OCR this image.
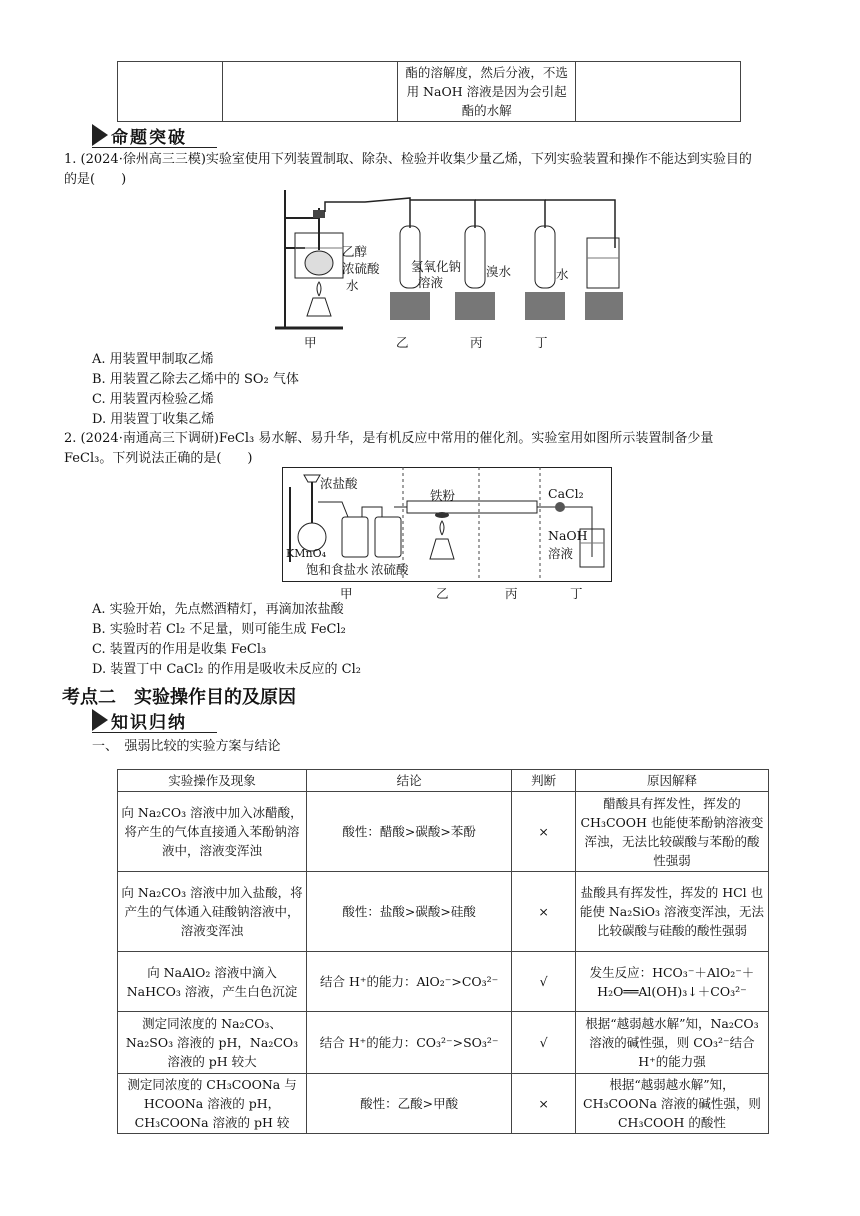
		酯的溶解度，然后分液，不选用 NaOH 溶液是因为会引起酯的水解	
命题突破
1. (2024·徐州高三三模)实验室使用下列装置制取、除杂、检验并收集少量乙烯，下列实验装置和操作不能达到实验目的的是(　　)
乙醇
浓硫酸
水
氢氧化钠
溶液
溴水	水
甲	乙	丙	丁
A. 用装置甲制取乙烯
B. 用装置乙除去乙烯中的 SO₂ 气体
C. 用装置丙检验乙烯
D. 用装置丁收集乙烯
2. (2024·南通高三下调研)FeCl₃ 易水解、易升华，是有机反应中常用的催化剂。实验室用如图所示装置制备少量 FeCl₃。下列说法正确的是(　　)
浓盐酸
铁粉	CaCl₂
KMnO₄
NaOH
溶液
饱和食盐水 浓硫酸
甲	乙	丙	丁
A. 实验开始，先点燃酒精灯，再滴加浓盐酸
B. 实验时若 Cl₂ 不足量，则可能生成 FeCl₂
C. 装置丙的作用是收集 FeCl₃
D. 装置丁中 CaCl₂ 的作用是吸收未反应的 Cl₂
考点二　实验操作目的及原因
知识归纳
一、　强弱比较的实验方案与结论
实验操作及现象	结论	判断	原因解释
向 Na₂CO₃ 溶液中加入冰醋酸，将产生的气体直接通入苯酚钠溶液中，溶液变浑浊	酸性：醋酸>碳酸>苯酚	×	醋酸具有挥发性，挥发的 CH₃COOH 也能使苯酚钠溶液变浑浊，无法比较碳酸与苯酚的酸性强弱
向 Na₂CO₃ 溶液中加入盐酸，将产生的气体通入硅酸钠溶液中，溶液变浑浊	酸性：盐酸>碳酸>硅酸	×	盐酸具有挥发性，挥发的 HCl 也能使 Na₂SiO₃ 溶液变浑浊，无法比较碳酸与硅酸的酸性强弱
向 NaAlO₂ 溶液中滴入 NaHCO₃ 溶液，产生白色沉淀	结合 H⁺的能力：AlO₂⁻>CO₃²⁻	√	发生反应：HCO₃⁻＋AlO₂⁻＋H₂O══Al(OH)₃↓＋CO₃²⁻
测定同浓度的 Na₂CO₃、Na₂SO₃ 溶液的 pH，Na₂CO₃ 溶液的 pH 较大	结合 H⁺的能力：CO₃²⁻>SO₃²⁻	√	根据“越弱越水解”知，Na₂CO₃ 溶液的碱性强，则 CO₃²⁻结合 H⁺的能力强
测定同浓度的 CH₃COONa 与 HCOONa 溶液的 pH，CH₃COONa 溶液的 pH 较	酸性：乙酸>甲酸	×	根据“越弱越水解”知，CH₃COONa 溶液的碱性强，则 CH₃COOH 的酸性
